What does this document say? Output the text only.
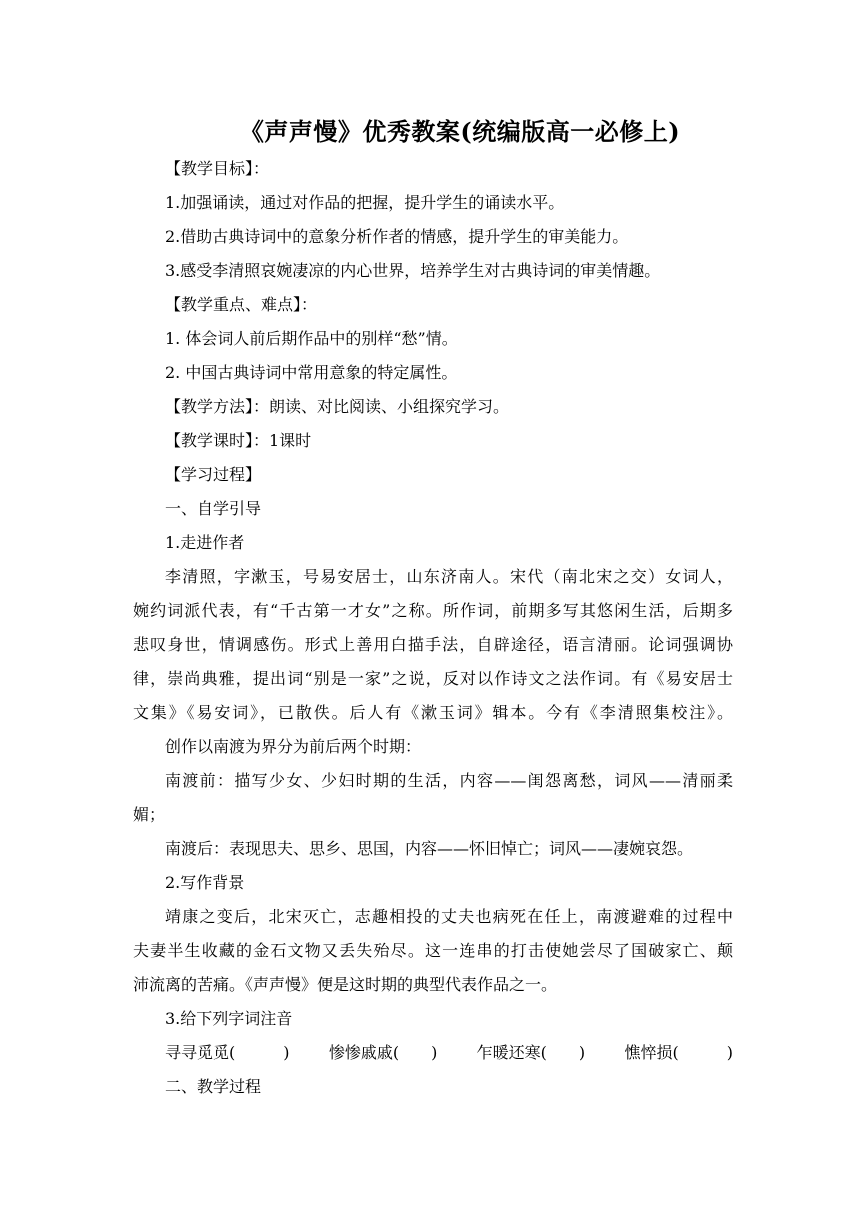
《声声慢》优秀教案(统编版高一必修上)
【教学目标】：
1.加强诵读，通过对作品的把握，提升学生的诵读水平。
2.借助古典诗词中的意象分析作者的情感，提升学生的审美能力。
3.感受李清照哀婉凄凉的内心世界，培养学生对古典诗词的审美情趣。
【教学重点、难点】：
1. 体会词人前后期作品中的别样“愁”情。
2. 中国古典诗词中常用意象的特定属性。
【教学方法】：朗读、对比阅读、小组探究学习。
【教学课时】：1课时
【学习过程】
一、自学引导
1.走进作者
李清照，字漱玉，号易安居士，山东济南人。宋代（南北宋之交）女词人，
婉约词派代表，有“千古第一才女”之称。所作词，前期多写其悠闲生活，后期多
悲叹身世，情调感伤。形式上善用白描手法，自辟途径，语言清丽。论词强调协
律，崇尚典雅，提出词“别是一家”之说，反对以作诗文之法作词。有《易安居士
文集》《易安词》，已散佚。后人有《漱玉词》辑本。今有《李清照集校注》。
创作以南渡为界分为前后两个时期：
南渡前：描写少女、少妇时期的生活，内容——闺怨离愁，词风——清丽柔
媚；
南渡后：表现思夫、思乡、思国，内容——怀旧悼亡；词风——凄婉哀怨。
2.写作背景
靖康之变后，北宋灭亡，志趣相投的丈夫也病死在任上，南渡避难的过程中
夫妻半生收藏的金石文物又丢失殆尽。这一连串的打击使她尝尽了国破家亡、颠
沛流离的苦痛。《声声慢》便是这时期的典型代表作品之一。
3.给下列字词注音
寻寻觅觅(　　　) 惨惨戚戚(　　) 乍暖还寒(　　) 憔悴损(　　　)
二、教学过程
